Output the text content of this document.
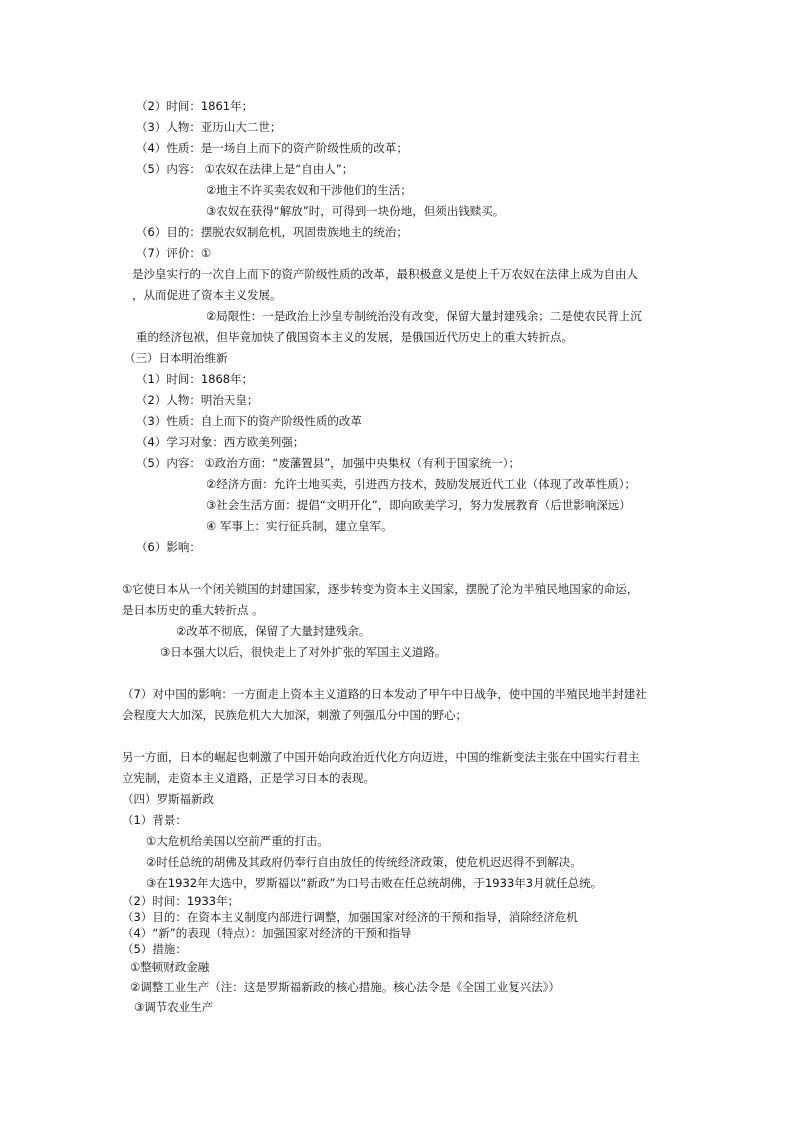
（2）时间：1861年；
（3）人物：亚历山大二世；
（4）性质：是一场自上而下的资产阶级性质的改革；
（5）内容： ①农奴在法律上是“自由人”；
②地主不许买卖农奴和干涉他们的生活；
③农奴在获得“解放”时，可得到一块份地，但须出钱赎买。
（6）目的：摆脱农奴制危机，巩固贵族地主的统治；
（7）评价：①
是沙皇实行的一次自上而下的资产阶级性质的改革，最积极意义是使上千万农奴在法律上成为自由人
，从而促进了资本主义发展。
②局限性：一是政治上沙皇专制统治没有改变，保留大量封建残余；二是使农民背上沉
重的经济包袱，但毕竟加快了俄国资本主义的发展，是俄国近代历史上的重大转折点。
（三）日本明治维新
（1）时间：1868年；
（2）人物：明治天皇；
（3）性质：自上而下的资产阶级性质的改革
（4）学习对象：西方欧美列强；
（5）内容： ①政治方面：“废藩置县”，加强中央集权（有利于国家统一）；
②经济方面：允许土地买卖，引进西方技术，鼓励发展近代工业（体现了改革性质）；
③社会生活方面：提倡“文明开化”，即向欧美学习，努力发展教育（后世影响深远）
④ 军事上：实行征兵制，建立皇军。
（6）影响：
①它使日本从一个闭关锁国的封建国家，逐步转变为资本主义国家，摆脱了沦为半殖民地国家的命运，
是日本历史的重大转折点 。
②改革不彻底，保留了大量封建残余。
③日本强大以后，很快走上了对外扩张的军国主义道路。
（7）对中国的影响：一方面走上资本主义道路的日本发动了甲午中日战争，使中国的半殖民地半封建社
会程度大大加深，民族危机大大加深，刺激了列强瓜分中国的野心；
另一方面，日本的崛起也刺激了中国开始向政治近代化方向迈进，中国的维新变法主张在中国实行君主
立宪制，走资本主义道路，正是学习日本的表现。
（四）罗斯福新政
（1）背景：
①大危机给美国以空前严重的打击。
②时任总统的胡佛及其政府仍奉行自由放任的传统经济政策，使危机迟迟得不到解决。
③在1932年大选中，罗斯福以“新政”为口号击败在任总统胡佛，于1933年3月就任总统。
（2）时间：1933年；
（3）目的：在资本主义制度内部进行调整，加强国家对经济的干预和指导，消除经济危机
（4）“新”的表现（特点）：加强国家对经济的干预和指导
（5）措施：
①整顿财政金融
②调整工业生产（注：这是罗斯福新政的核心措施。核心法令是《全国工业复兴法》）
③调节农业生产
